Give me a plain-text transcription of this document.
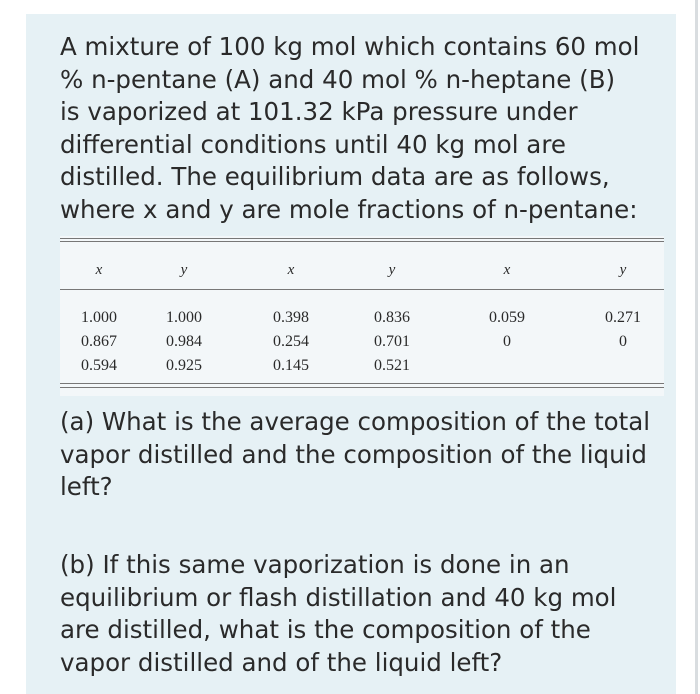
A mixture of 100 kg mol which contains 60 mol
% n-pentane (A) and 40 mol % n-heptane (B)
is vaporized at 101.32 kPa pressure under
differential conditions until 40 kg mol are
distilled. The equilibrium data are as follows,
where x and y are mole fractions of n-pentane:

x	y	x	y	x	y

1.000	1.000	0.398	0.836	0.059	0.271
0.867	0.984	0.254	0.701	0	0
0.594	0.925	0.145	0.521		

(a) What is the average composition of the total
vapor distilled and the composition of the liquid
left?

(b) If this same vaporization is done in an
equilibrium or flash distillation and 40 kg mol
are distilled, what is the composition of the
vapor distilled and of the liquid left?
